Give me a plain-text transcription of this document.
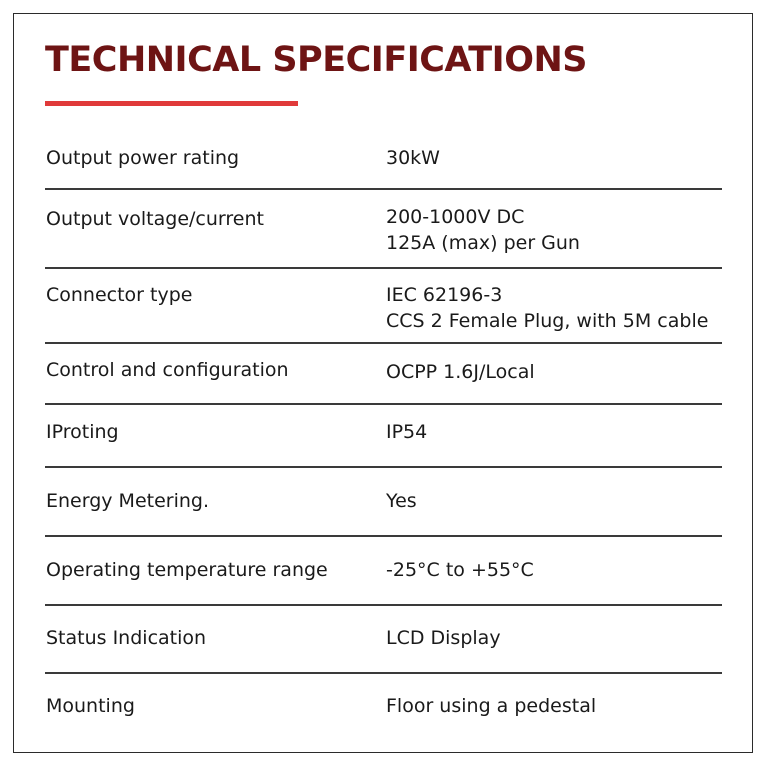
TECHNICAL SPECIFICATIONS
Output power rating	30kW
Output voltage/current	200-1000V DC
125A (max) per Gun
Connector type	IEC 62196-3
CCS 2 Female Plug, with 5M cable
Control and configuration	OCPP 1.6J/Local
IProting	IP54
Energy Metering.	Yes
Operating temperature range	-25°C to +55°C
Status Indication	LCD Display
Mounting	Floor using a pedestal
